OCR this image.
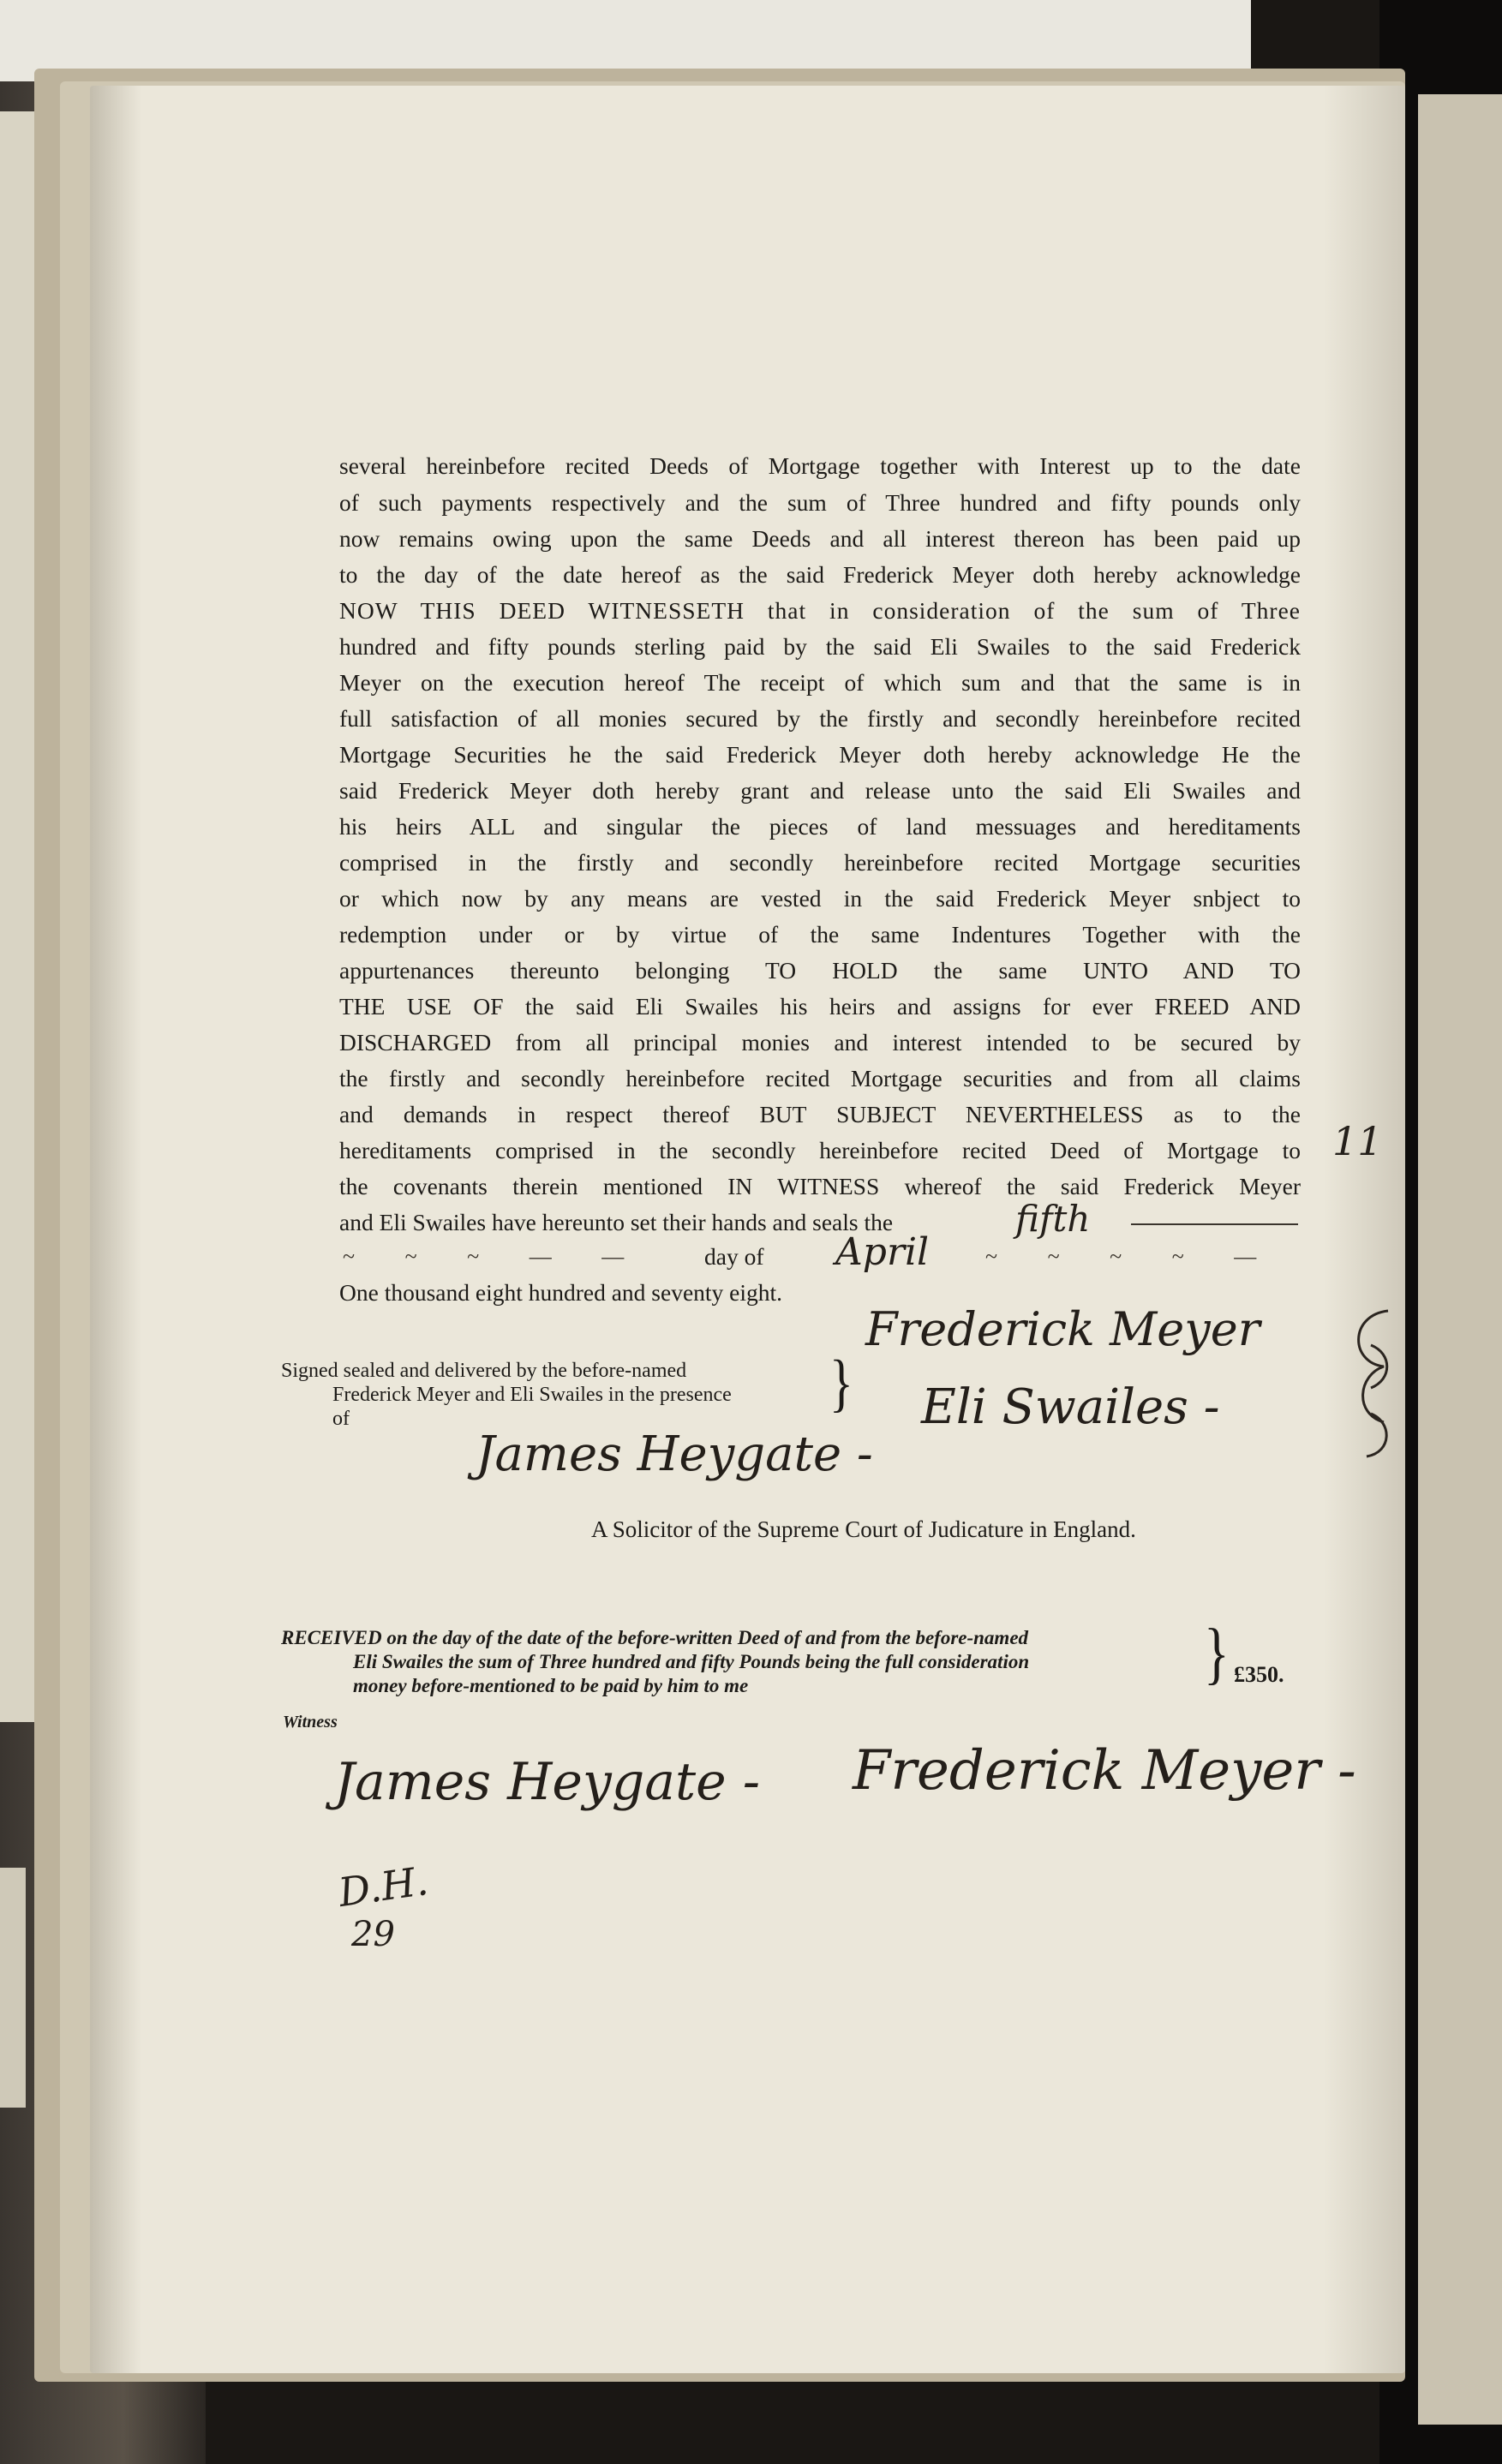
several hereinbefore recited Deeds of Mortgage together with Interest up to the date
of such payments respectively and the sum of Three hundred and fifty pounds only
now remains owing upon the same Deeds and all interest thereon has been paid up
to the day of the date hereof as the said Frederick Meyer doth hereby acknowledge
NOW THIS DEED WITNESSETH that in consideration of the sum of Three
hundred and fifty pounds sterling paid by the said Eli Swailes to the said Frederick
Meyer on the execution hereof The receipt of which sum and that the same is in
full satisfaction of all monies secured by the firstly and secondly hereinbefore recited
Mortgage Securities he the said Frederick Meyer doth hereby acknowledge He the
said Frederick Meyer doth hereby grant and release unto the said Eli Swailes and
his heirs ALL and singular the pieces of land messuages and hereditaments
comprised in the firstly and secondly hereinbefore recited Mortgage securities
or which now by any means are vested in the said Frederick Meyer snbject to
redemption under or by virtue of the same Indentures Together with the
appurtenances thereunto belonging TO HOLD the same UNTO AND TO
THE USE OF the said Eli Swailes his heirs and assigns for ever FREED AND
DISCHARGED from all principal monies and interest intended to be secured by
the firstly and secondly hereinbefore recited Mortgage securities and from all claims
and demands in respect thereof BUT SUBJECT NEVERTHELESS as to the
hereditaments comprised in the secondly hereinbefore recited Deed of Mortgage to
the covenants therein mentioned IN WITNESS whereof the said Frederick Meyer
and Eli Swailes have hereunto set their hands and seals the	fifth
~ ~ ~ — — day of April	~ ~ ~ ~ —
One thousand eight hundred and seventy eight.
Signed sealed and delivered by the before-named
Frederick Meyer and Eli Swailes in the presence
of
}
Frederick Meyer
Eli Swailes -
James Heygate -
A Solicitor of the Supreme Court of Judicature in England.
RECEIVED on the day of the date of the before-written Deed of and from the before-named
Eli Swailes the sum of Three hundred and fifty Pounds being the full consideration
money before-mentioned to be paid by him to me	} £350.
Witness
James Heygate - Frederick Meyer -
11
D.H.
29
